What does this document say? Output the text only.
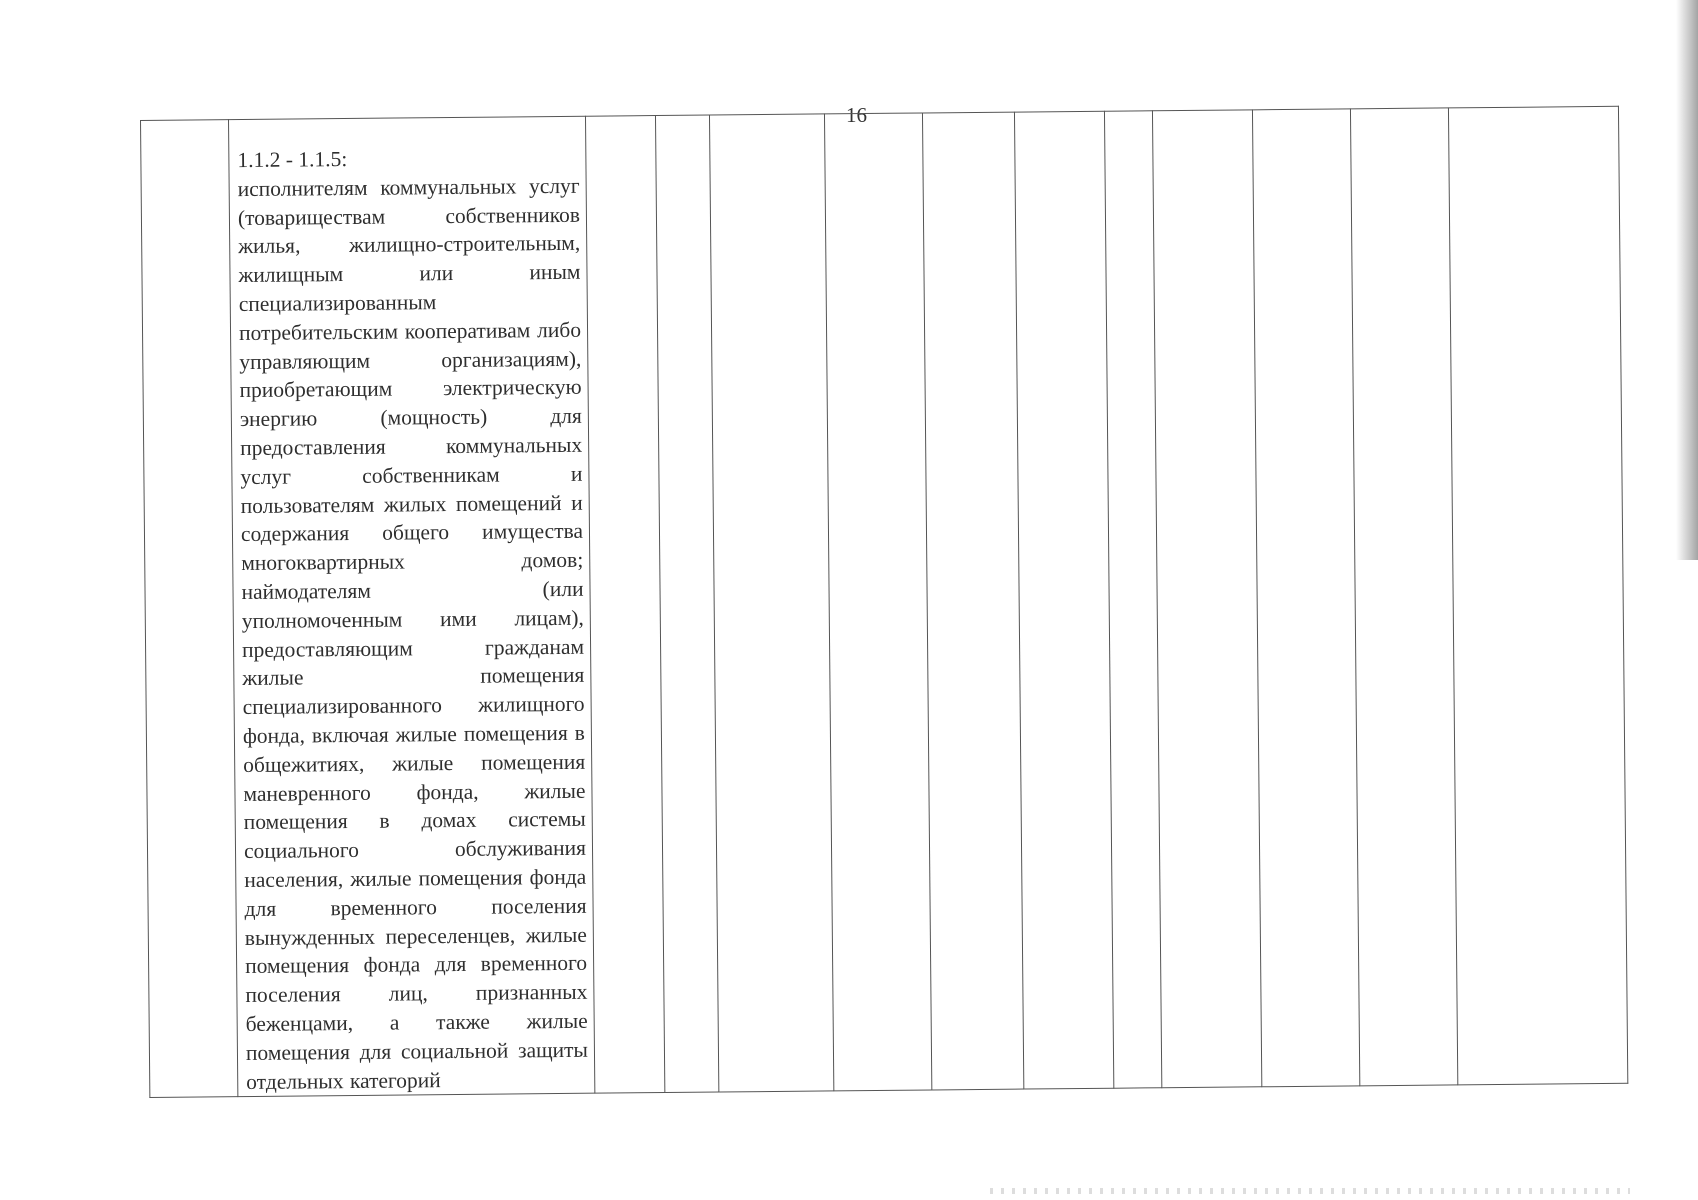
16

1.1.2 - 1.1.5:
исполнителям коммунальных услуг (товариществам собственников жилья, жилищно-строительным, жилищным или иным специализированным потребительским кооперативам либо управляющим организациям), приобретающим электрическую энергию (мощность) для предоставления коммунальных услуг собственникам и пользователям жилых помещений и содержания общего имущества многоквартирных домов; наймодателям (или уполномоченным ими лицам), предоставляющим гражданам жилые помещения специализированного жилищного фонда, включая жилые помещения в общежитиях, жилые помещения маневренного фонда, жилые помещения в домах системы социального обслуживания населения, жилые помещения фонда для временного поселения вынужденных переселенцев, жилые помещения фонда для временного поселения лиц, признанных беженцами, а также жилые помещения для социальной защиты отдельных категорий
